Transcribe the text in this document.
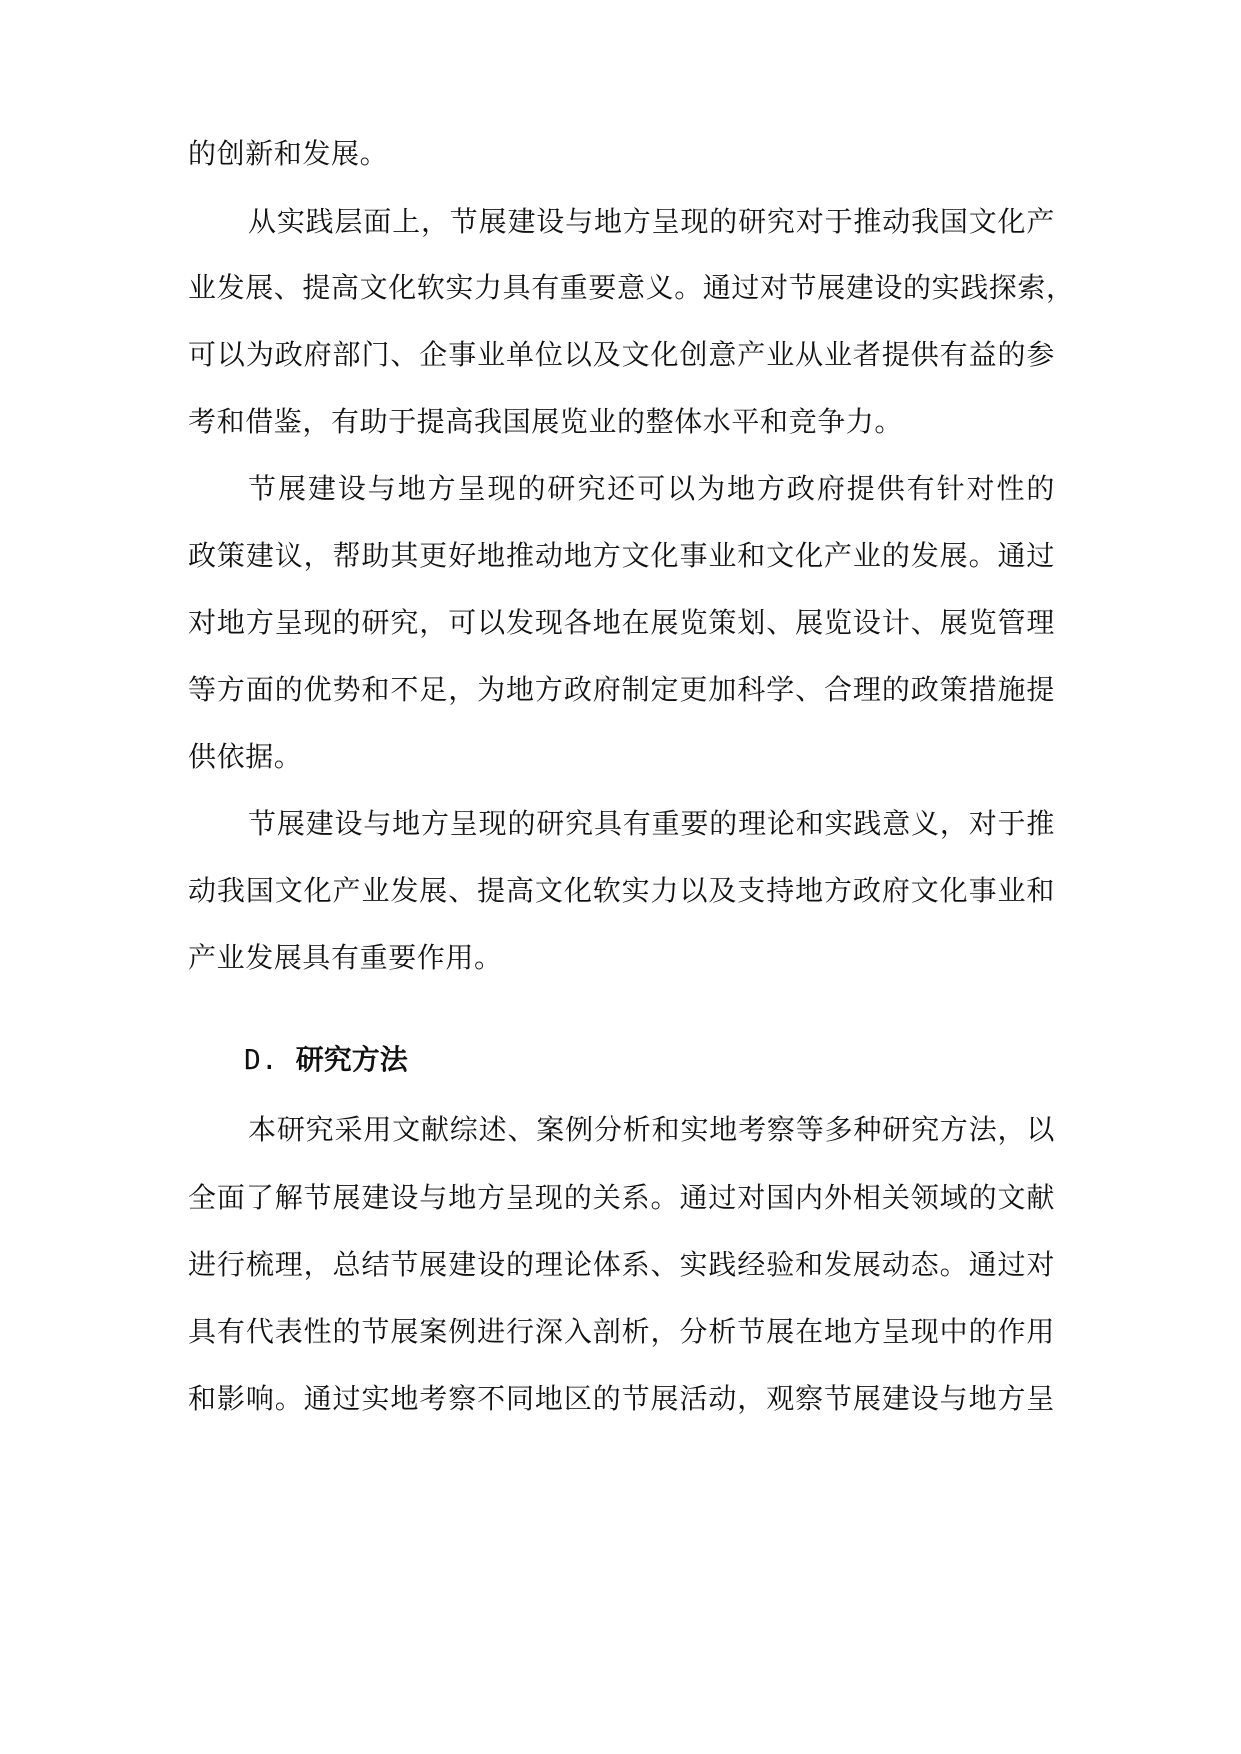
的创新和发展。
从实践层面上，节展建设与地方呈现的研究对于推动我国文化产
业发展、提高文化软实力具有重要意义。通过对节展建设的实践探索，
可以为政府部门、企事业单位以及文化创意产业从业者提供有益的参
考和借鉴，有助于提高我国展览业的整体水平和竞争力。
节展建设与地方呈现的研究还可以为地方政府提供有针对性的
政策建议，帮助其更好地推动地方文化事业和文化产业的发展。通过
对地方呈现的研究，可以发现各地在展览策划、展览设计、展览管理
等方面的优势和不足，为地方政府制定更加科学、合理的政策措施提
供依据。
节展建设与地方呈现的研究具有重要的理论和实践意义，对于推
动我国文化产业发展、提高文化软实力以及支持地方政府文化事业和
产业发展具有重要作用。
D. 研究方法
本研究采用文献综述、案例分析和实地考察等多种研究方法，以
全面了解节展建设与地方呈现的关系。通过对国内外相关领域的文献
进行梳理，总结节展建设的理论体系、实践经验和发展动态。通过对
具有代表性的节展案例进行深入剖析，分析节展在地方呈现中的作用
和影响。通过实地考察不同地区的节展活动，观察节展建设与地方呈
